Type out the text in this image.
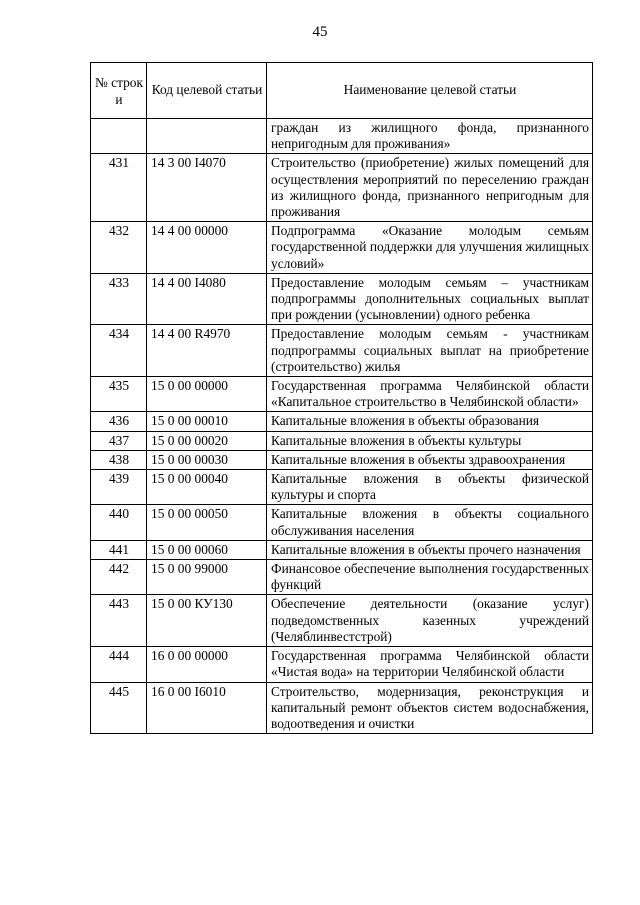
45
№ строк и	Код целевой статьи	Наименование целевой статьи
		граждан из жилищного фонда, признанного непригодным для проживания»
431	14 3 00 I4070	Строительство (приобретение) жилых помещений для осуществления мероприятий по переселению граждан из жилищного фонда, признанного непригодным для проживания
432	14 4 00 00000	Подпрограмма «Оказание молодым семьям государственной поддержки для улучшения жилищных условий»
433	14 4 00 I4080	Предоставление молодым семьям – участникам подпрограммы дополнительных социальных выплат при рождении (усыновлении) одного ребенка
434	14 4 00 R4970	Предоставление молодым семьям - участникам подпрограммы социальных выплат на приобретение (строительство) жилья
435	15 0 00 00000	Государственная программа Челябинской области «Капитальное строительство в Челябинской области»
436	15 0 00 00010	Капитальные вложения в объекты образования
437	15 0 00 00020	Капитальные вложения в объекты культуры
438	15 0 00 00030	Капитальные вложения в объекты здравоохранения
439	15 0 00 00040	Капитальные вложения в объекты физической культуры и спорта
440	15 0 00 00050	Капитальные вложения в объекты социального обслуживания населения
441	15 0 00 00060	Капитальные вложения в объекты прочего назначения
442	15 0 00 99000	Финансовое обеспечение выполнения государственных функций
443	15 0 00 КУ130	Обеспечение деятельности (оказание услуг) подведомственных казенных учреждений (Челяблинвестстрой)
444	16 0 00 00000	Государственная программа Челябинской области «Чистая вода» на территории Челябинской области
445	16 0 00 I6010	Строительство, модернизация, реконструкция и капитальный ремонт объектов систем водоснабжения, водоотведения и очистки
